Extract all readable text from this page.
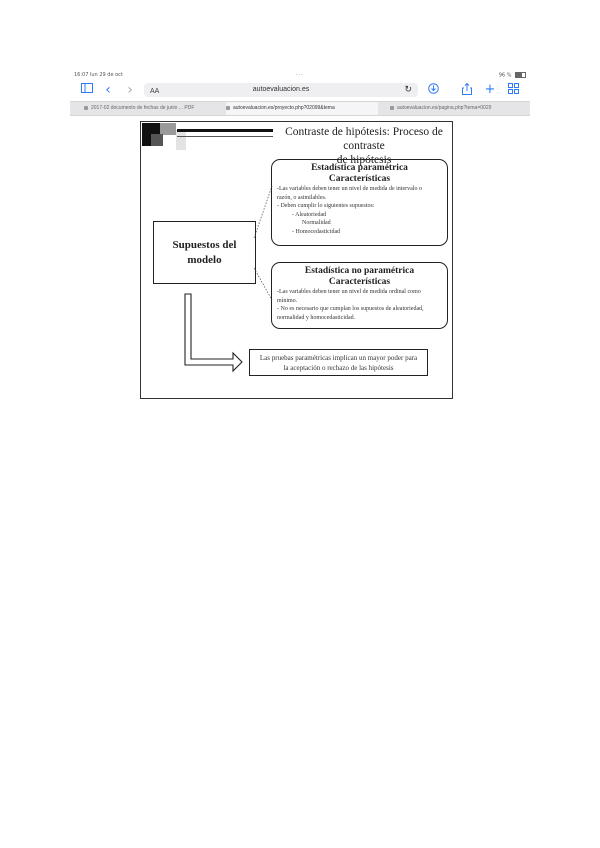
16:07 lun 29 de oct	···	96 %
‹ ›	AA	autoevaluacion.es	↻	+
2017-02 documento de fechas de junio ... PDF	autoevaluacion.es/proyecto.php?02099&tema	autoevaluacion.es/pagina.php?tema=0029
Contraste de hipótesis: Proceso de contraste
de hipótesis
Supuestos del
modelo
Estadística paramétrica
Características
-Las variables deben tener un nivel de medida de intervalo o
razón, o asimilables.
- Deben cumplir lo siguientes supuestos:
- Aleatoriedad
Normalidad
- Homocedasticidad
Estadística no paramétrica
Características
-Las variables deben tener un nivel de medida ordinal como
mínimo.
- No es necesario que cumplan los supuestos de aleatoriedad,
normalidad y homocedasticidad.
Las pruebas paramétricas implican un mayor poder para
la aceptación o rechazo de las hipótesis
